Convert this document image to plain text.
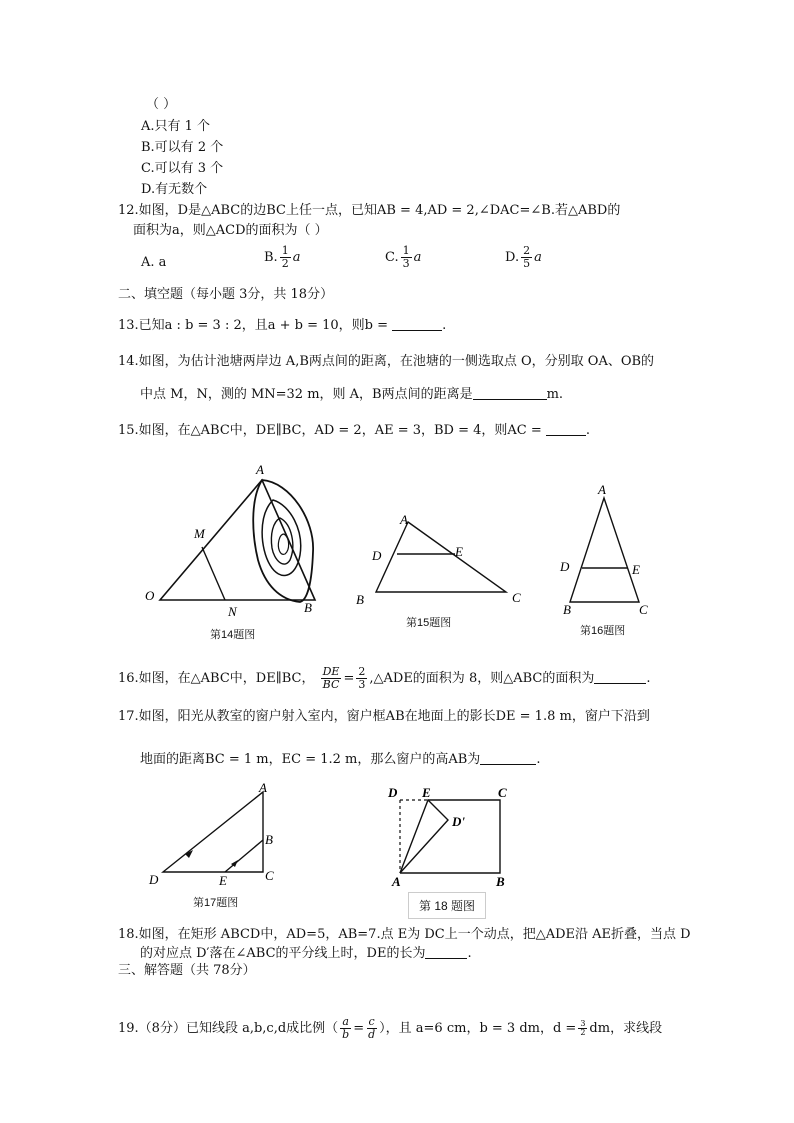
（ ）
A.只有 1 个
B.可以有 2 个
C.可以有 3 个
D.有无数个
12.如图，D是△ABC的边BC上任一点，已知AB = 4,AD = 2,∠DAC=∠B.若△ABD的
面积为a，则△ACD的面积为（ ）
A. a	B. $\frac{1}{2}$ a	C. $\frac{1}{3}$ a	D. $\frac{2}{5}$ a
二、填空题（每小题 3分，共 18分）
13.已知a : b = 3 : 2，且a + b = 10，则b =	.
14.如图，为估计池塘两岸边 A,B两点间的距离，在池塘的一侧选取点 O，分别取 OA、OB的
中点 M，N，测的 MN=32 m，则 A，B两点间的距离是	m.
15.如图，在△ABC中，DE∥BC，AD = 2，AE = 3，BD = 4，则AC =	.
A
M
O
N	B
第14题图
A
D	E
B	C
第15题图
A
D	E
B	C
第16题图
16.如图，在△ABC中，DE∥BC， $\frac{DE}{BC} = \frac{2}{3}$ ,△ADE的面积为 8，则△ABC的面积为	.
17.如图，阳光从教室的窗户射入室内，窗户框AB在地面上的影长DE = 1.8 m，窗户下沿到
地面的距离BC = 1 m，EC = 1.2 m，那么窗户的高AB为	.
A
B
C
D	E
第17题图
D E	C
D'
A	B
第 18 题图
18.如图，在矩形 ABCD中，AD=5，AB=7.点 E为 DC上一个动点，把△ADE沿 AE折叠，当点 D
的对应点 D′落在∠ABC的平分线上时，DE的长为	.
三、解答题（共 78分）
19.（8分）已知线段 a,b,c,d成比例（ $\frac{a}{b} = \frac{c}{d}$ ），且 a=6 cm，b = 3 dm，$d = \frac{3}{2}$ dm，求线段
